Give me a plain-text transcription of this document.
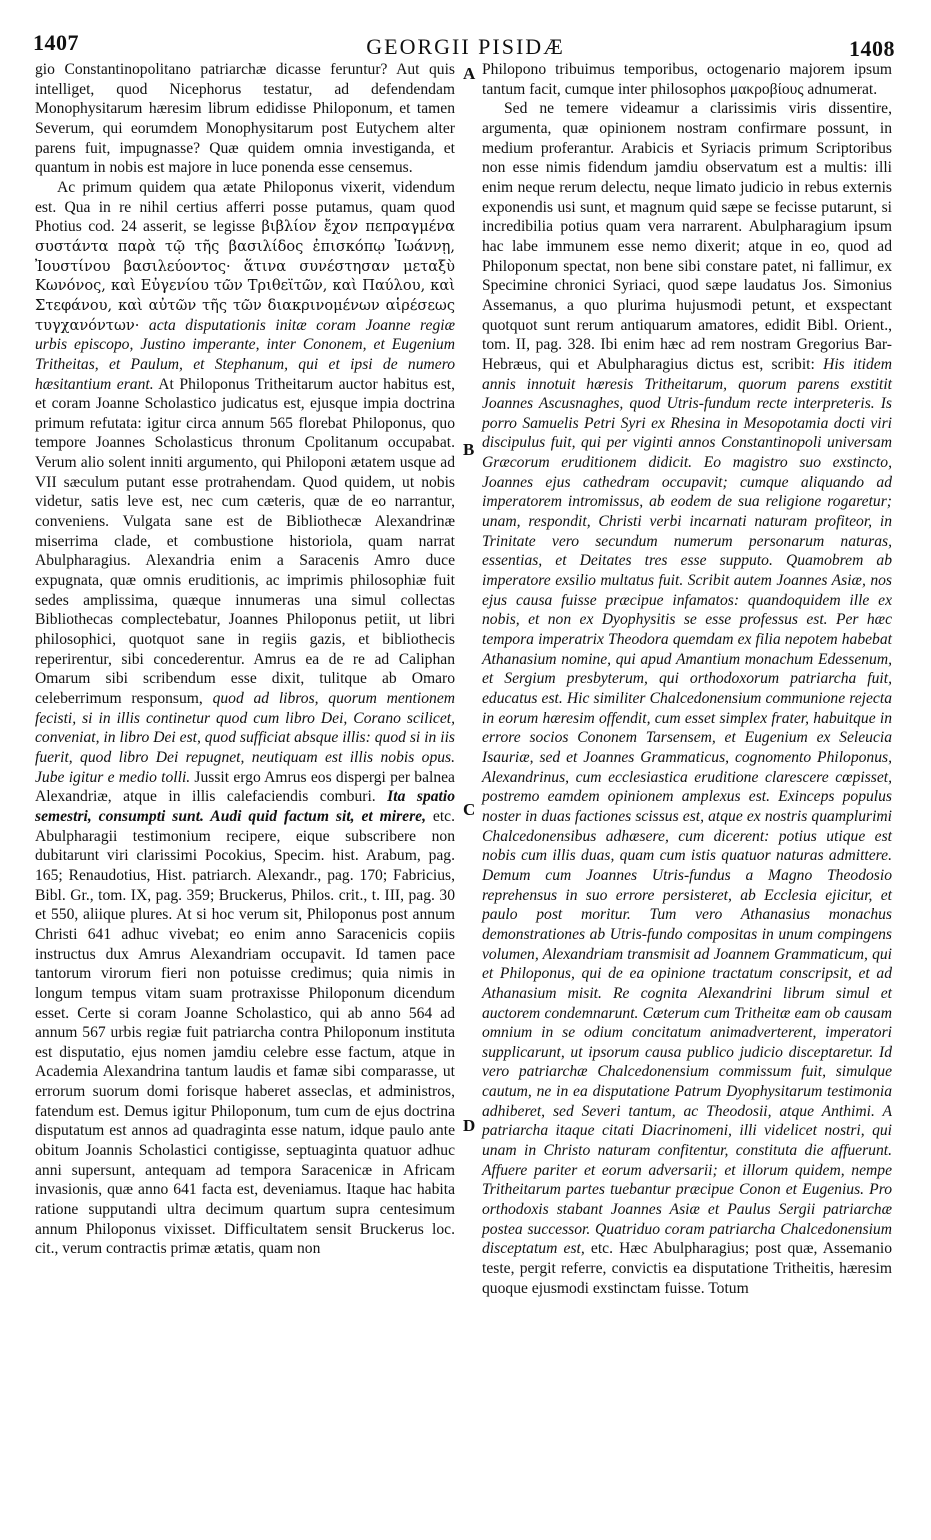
1407	GEORGII PISIDÆ	1408
A
B
C
D

gio Constantinopolitano patriarchæ dicasse feruntur? Aut quis intelliget, quod Nicephorus testatur, ad defendendam Monophysitarum hæresim librum edidisse Philoponum, et tamen Severum, qui eorumdem Monophysitarum post Eutychem alter parens fuit, impugnasse? Quæ quidem omnia investiganda, et quantum in nobis est majore in luce ponenda esse censemus.

Ac primum quidem qua ætate Philoponus vixerit, videndum est. Qua in re nihil certius afferri posse putamus, quam quod Photius cod. 24 asserit, se legisse βιβλίον ἔχον πεπραγμένα συστάντα παρὰ τῷ τῆς βασιλίδος ἐπισκόπῳ Ἰωάννῃ, Ἰουστίνου βασιλεύοντος· ἅτινα συνέστησαν μεταξὺ Κωνόνος, καὶ Εὐγενίου τῶν Τριθεϊτῶν, καὶ Παύλου, καὶ Στεφάνου, καὶ αὐτῶν τῆς τῶν διακρινομένων αἱρέσεως τυγχανόντων· acta disputationis initæ coram Joanne regiæ urbis episcopo, Justino imperante, inter Cononem, et Eugenium Tritheitas, et Paulum, et Stephanum, qui et ipsi de numero hæsitantium erant. At Philoponus Tritheitarum auctor habitus est, et coram Joanne Scholastico judicatus est, ejusque impia doctrina primum refutata: igitur circa annum 565 florebat Philoponus, quo tempore Joannes Scholasticus thronum Cpolitanum occupabat. Verum alio solent inniti argumento, qui Philoponi ætatem usque ad VII sæculum putant esse protrahendam. Quod quidem, ut nobis videtur, satis leve est, nec cum cæteris, quæ de eo narrantur, conveniens. Vulgata sane est de Bibliothecæ Alexandrinæ miserrima clade, et combustione historiola, quam narrat Abulpharagius. Alexandria enim a Saracenis Amro duce expugnata, quæ omnis eruditionis, ac imprimis philosophiæ fuit sedes amplissima, quæque innumeras una simul collectas Bibliothecas complectebatur, Joannes Philoponus petiit, ut libri philosophici, quotquot sane in regiis gazis, et bibliothecis reperirentur, sibi concederentur. Amrus ea de re ad Caliphan Omarum sibi scribendum esse dixit, tulitque ab Omaro celeberrimum responsum, quod ad libros, quorum mentionem fecisti, si in illis continetur quod cum libro Dei, Corano scilicet, conveniat, in libro Dei est, quod sufficiat absque illis: quod si in iis fuerit, quod libro Dei repugnet, neutiquam est illis nobis opus. Jube igitur e medio tolli. Jussit ergo Amrus eos dispergi per balnea Alexandriæ, atque in illis calefaciendis comburi. Ita spatio semestri, consumpti sunt. Audi quid factum sit, et mirere, etc. Abulpharagii testimonium recipere, eique subscribere non dubitarunt viri clarissimi Pocokius, Specim. hist. Arabum, pag. 165; Renaudotius, Hist. patriarch. Alexandr., pag. 170; Fabricius, Bibl. Gr., tom. IX, pag. 359; Bruckerus, Philos. crit., t. III, pag. 30 et 550, aliique plures. At si hoc verum sit, Philoponus post annum Christi 641 adhuc vivebat; eo enim anno Saracenicis copiis instructus dux Amrus Alexandriam occupavit. Id tamen pace tantorum virorum fieri non potuisse credimus; quia nimis in longum tempus vitam suam protraxisse Philoponum dicendum esset. Certe si coram Joanne Scholastico, qui ab anno 564 ad annum 567 urbis regiæ fuit patriarcha contra Philoponum instituta est disputatio, ejus nomen jamdiu celebre esse factum, atque in Academia Alexandrina tantum laudis et famæ sibi comparasse, ut errorum suorum domi forisque haberet asseclas, et administros, fatendum est. Demus igitur Philoponum, tum cum de ejus doctrina disputatum est annos ad quadraginta esse natum, idque paulo ante obitum Joannis Scholastici contigisse, septuaginta quatuor adhuc anni supersunt, antequam ad tempora Saracenicæ in Africam invasionis, quæ anno 641 facta est, deveniamus. Itaque hac habita ratione supputandi ultra decimum quartum supra centesimum annum Philoponus vixisset. Difficultatem sensit Bruckerus loc. cit., verum contractis primæ ætatis, quam non

Philopono tribuimus temporibus, octogenario majorem ipsum tantum facit, cumque inter philosophos μακροβίους adnumerat.

Sed ne temere videamur a clarissimis viris dissentire, argumenta, quæ opinionem nostram confirmare possunt, in medium proferantur. Arabicis et Syriacis primum Scriptoribus non esse nimis fidendum jamdiu observatum est a multis: illi enim neque rerum delectu, neque limato judicio in rebus externis exponendis usi sunt, et magnum quid sæpe se fecisse putarunt, si incredibilia potius quam vera narrarent. Abulpharagium ipsum hac labe immunem esse nemo dixerit; atque in eo, quod ad Philoponum spectat, non bene sibi constare patet, ni fallimur, ex Specimine chronici Syriaci, quod sæpe laudatus Jos. Simonius Assemanus, a quo plurima hujusmodi petunt, et exspectant quotquot sunt rerum antiquarum amatores, edidit Bibl. Orient., tom. II, pag. 328. Ibi enim hæc ad rem nostram Gregorius Bar-Hebræus, qui et Abulpharagius dictus est, scribit: His itidem annis innotuit hæresis Tritheitarum, quorum parens exstitit Joannes Ascusnaghes, quod Utris-fundum recte interpreteris. Is porro Samuelis Petri Syri ex Rhesina in Mesopotamia docti viri discipulus fuit, qui per viginti annos Constantinopoli universam Græcorum eruditionem didicit. Eo magistro suo exstincto, Joannes ejus cathedram occupavit; cumque aliquando ad imperatorem intromissus, ab eodem de sua religione rogaretur; unam, respondit, Christi verbi incarnati naturam profiteor, in Trinitate vero secundum numerum personarum naturas, essentias, et Deitates tres esse supputo. Quamobrem ab imperatore exsilio multatus fuit. Scribit autem Joannes Asiæ, nos ejus causa fuisse præcipue infamatos: quandoquidem ille ex nobis, et non ex Dyophysitis se esse professus est. Per hæc tempora imperatrix Theodora quemdam ex filia nepotem habebat Athanasium nomine, qui apud Amantium monachum Edessenum, et Sergium presbyterum, qui orthodoxorum patriarcha fuit, educatus est. Hic similiter Chalcedonensium communione rejecta in eorum hæresim offendit, cum esset simplex frater, habuitque in errore socios Cononem Tarsensem, et Eugenium ex Seleucia Isauriæ, sed et Joannes Grammaticus, cognomento Philoponus, Alexandrinus, cum ecclesiastica eruditione clarescere cœpisset, postremo eamdem opinionem amplexus est. Exinceps populus noster in duas factiones scissus est, atque ex nostris quamplurimi Chalcedonensibus adhæsere, cum dicerent: potius utique est nobis cum illis duas, quam cum istis quatuor naturas admittere. Demum cum Joannes Utris-fundus a Magno Theodosio reprehensus in suo errore persisteret, ab Ecclesia ejicitur, et paulo post moritur. Tum vero Athanasius monachus demonstrationes ab Utris-fundo compositas in unum compingens volumen, Alexandriam transmisit ad Joannem Grammaticum, qui et Philoponus, qui de ea opinione tractatum conscripsit, et ad Athanasium misit. Re cognita Alexandrini librum simul et auctorem condemnarunt. Cæterum cum Tritheitæ eam ob causam omnium in se odium concitatum animadverterent, imperatori supplicarunt, ut ipsorum causa publico judicio disceptaretur. Id vero patriarchæ Chalcedonensium commissum fuit, simulque cautum, ne in ea disputatione Patrum Dyophysitarum testimonia adhiberet, sed Severi tantum, ac Theodosii, atque Anthimi. A patriarcha itaque citati Diacrinomeni, illi videlicet nostri, qui unam in Christo naturam confitentur, constituta die affuerunt. Affuere pariter et eorum adversarii; et illorum quidem, nempe Tritheitarum partes tuebantur præcipue Conon et Eugenius. Pro orthodoxis stabant Joannes Asiæ et Paulus Sergii patriarchæ postea successor. Quatriduo coram patriarcha Chalcedonensium disceptatum est, etc. Hæc Abulpharagius; post quæ, Assemanio teste, pergit referre, convictis ea disputatione Tritheitis, hæresim quoque ejusmodi exstinctam fuisse. Totum
